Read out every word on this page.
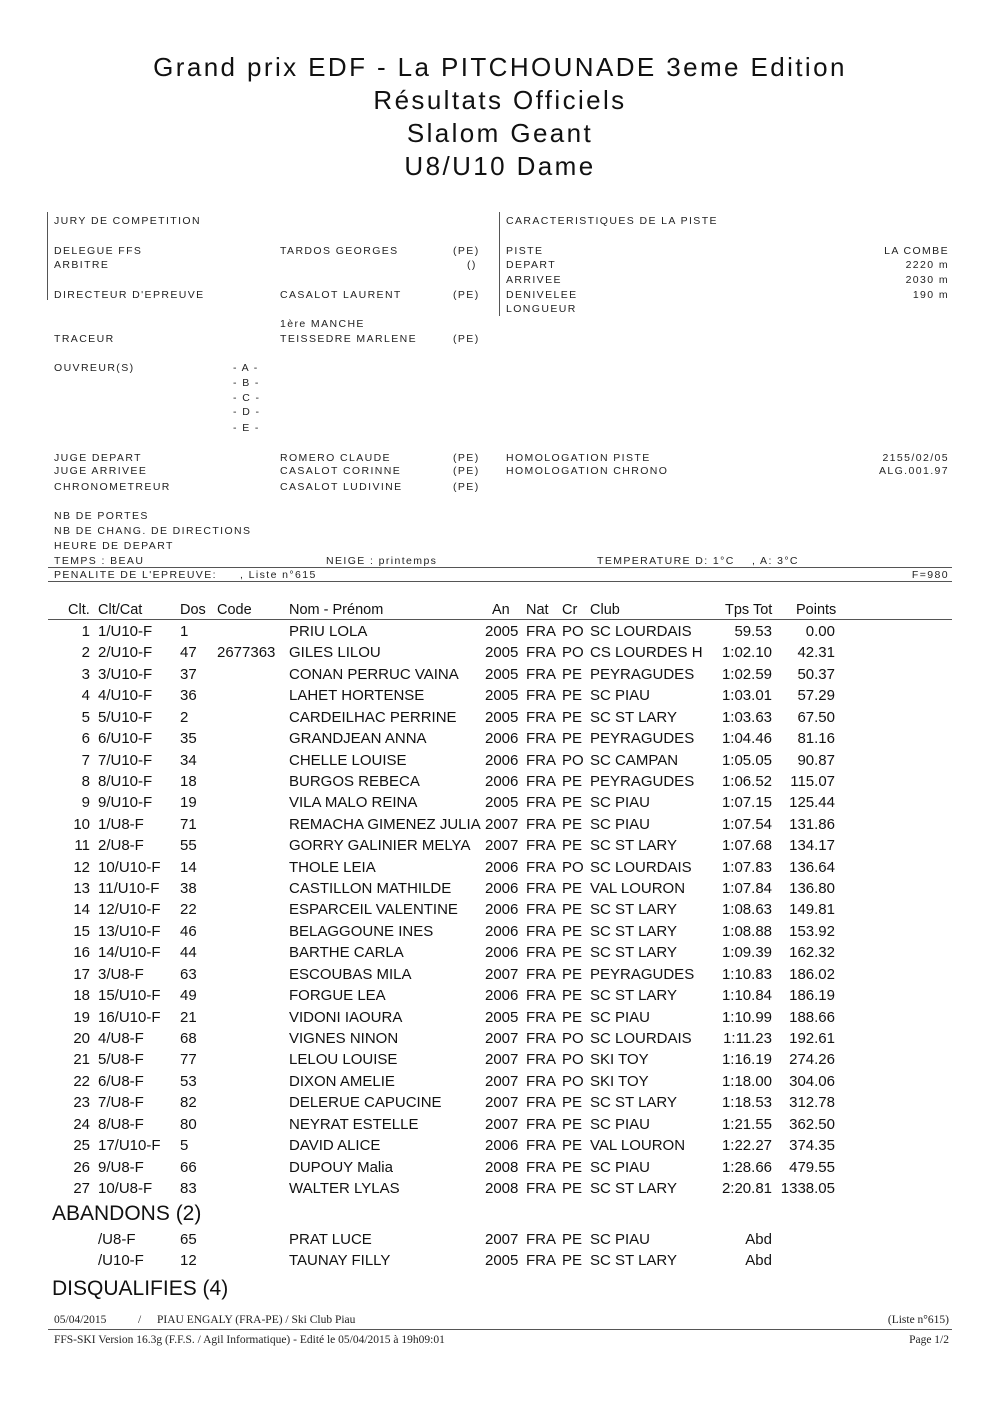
Grand prix EDF - La PITCHOUNADE 3eme Edition
Résultats Officiels
Slalom Geant
U8/U10 Dame
JURY DE COMPETITION
DELEGUE FFS	TARDOS GEORGES	(PE)
ARBITRE	()
DIRECTEUR D'EPREUVE	CASALOT LAURENT	(PE)
1ère MANCHE
TRACEUR	TEISSEDRE MARLENE	(PE)
OUVREUR(S)	- A -
- B -
- C -
- D -
- E -
JUGE DEPART	ROMERO CLAUDE	(PE)
JUGE ARRIVEE	CASALOT CORINNE	(PE)
CHRONOMETREUR	CASALOT LUDIVINE	(PE)
CARACTERISTIQUES DE LA PISTE
PISTE	LA COMBE
DEPART	2220 m
ARRIVEE	2030 m
DENIVELEE	190 m
LONGUEUR
HOMOLOGATION PISTE	2155/02/05
HOMOLOGATION CHRONO	ALG.001.97
NB DE PORTES
NB DE CHANG. DE DIRECTIONS
HEURE DE DEPART
TEMPS : BEAU	NEIGE : printemps	TEMPERATURE D: 1°C    , A: 3°C
PENALITE DE L'EPREUVE: , Liste n°615	F=980
Clt. Clt/Cat	Dos Code	Nom - Prénom	An Nat Cr Club	Tps Tot Points
1 1/U10-F 1	PRIU LOLA	2005 FRA PO SC LOURDAIS	59.53 0.00
2 2/U10-F 47 2677363 GILES LILOU	2005 FRA PO CS LOURDES H 1:02.10 42.31
3 3/U10-F 37	CONAN PERRUC VAINA 2005 FRA PE PEYRAGUDES 1:02.59 50.37
4 4/U10-F 36	LAHET HORTENSE	2005 FRA PE SC PIAU	1:03.01 57.29
5 5/U10-F 2	CARDEILHAC PERRINE 2005 FRA PE SC ST LARY	1:03.63 67.50
6 6/U10-F 35	GRANDJEAN ANNA	2006 FRA PE PEYRAGUDES 1:04.46 81.16
7 7/U10-F 34	CHELLE LOUISE	2006 FRA PO SC CAMPAN	1:05.05 90.87
8 8/U10-F 18	BURGOS REBECA	2006 FRA PE PEYRAGUDES 1:06.52 115.07
9 9/U10-F 19	VILA MALO REINA	2005 FRA PE SC PIAU	1:07.15 125.44
10 1/U8-F 71	REMACHA GIMENEZ JULIA 2007 FRA PE SC PIAU	1:07.54 131.86
11 2/U8-F 55	GORRY GALINIER MELYA 2007 FRA PE SC ST LARY	1:07.68 134.17
12 10/U10-F 14	THOLE LEIA	2006 FRA PO SC LOURDAIS 1:07.83 136.64
13 11/U10-F 38	CASTILLON MATHILDE 2006 FRA PE VAL LOURON 1:07.84 136.80
14 12/U10-F 22	ESPARCEIL VALENTINE 2006 FRA PE SC ST LARY	1:08.63 149.81
15 13/U10-F 46	BELAGGOUNE INES	2006 FRA PE SC ST LARY	1:08.88 153.92
16 14/U10-F 44	BARTHE CARLA	2006 FRA PE SC ST LARY	1:09.39 162.32
17 3/U8-F 63	ESCOUBAS MILA	2007 FRA PE PEYRAGUDES 1:10.83 186.02
18 15/U10-F 49	FORGUE LEA	2006 FRA PE SC ST LARY	1:10.84 186.19
19 16/U10-F 21	VIDONI IAOURA	2005 FRA PE SC PIAU	1:10.99 188.66
20 4/U8-F 68	VIGNES NINON	2007 FRA PO SC LOURDAIS 1:11.23 192.61
21 5/U8-F 77	LELOU LOUISE	2007 FRA PO SKI TOY	1:16.19 274.26
22 6/U8-F 53	DIXON AMELIE	2007 FRA PO SKI TOY	1:18.00 304.06
23 7/U8-F 82	DELERUE CAPUCINE	2007 FRA PE SC ST LARY	1:18.53 312.78
24 8/U8-F 80	NEYRAT ESTELLE	2007 FRA PE SC PIAU	1:21.55 362.50
25 17/U10-F 5	DAVID ALICE	2006 FRA PE VAL LOURON 1:22.27 374.35
26 9/U8-F 66	DUPOUY Malia	2008 FRA PE SC PIAU	1:28.66 479.55
27 10/U8-F 83	WALTER LYLAS	2008 FRA PE SC ST LARY	2:20.81 1338.05
ABANDONS (2)
/U8-F	65	PRAT LUCE	2007 FRA PE SC PIAU	Abd
/U10-F 12	TAUNAY FILLY	2005 FRA PE SC ST LARY	Abd
DISQUALIFIES (4)
05/04/2015	/ PIAU ENGALY (FRA-PE) / Ski Club Piau	(Liste n°615)
FFS-SKI Version 16.3g (F.F.S. / Agil Informatique) - Edité le 05/04/2015 à 19h09:01	Page 1/2
